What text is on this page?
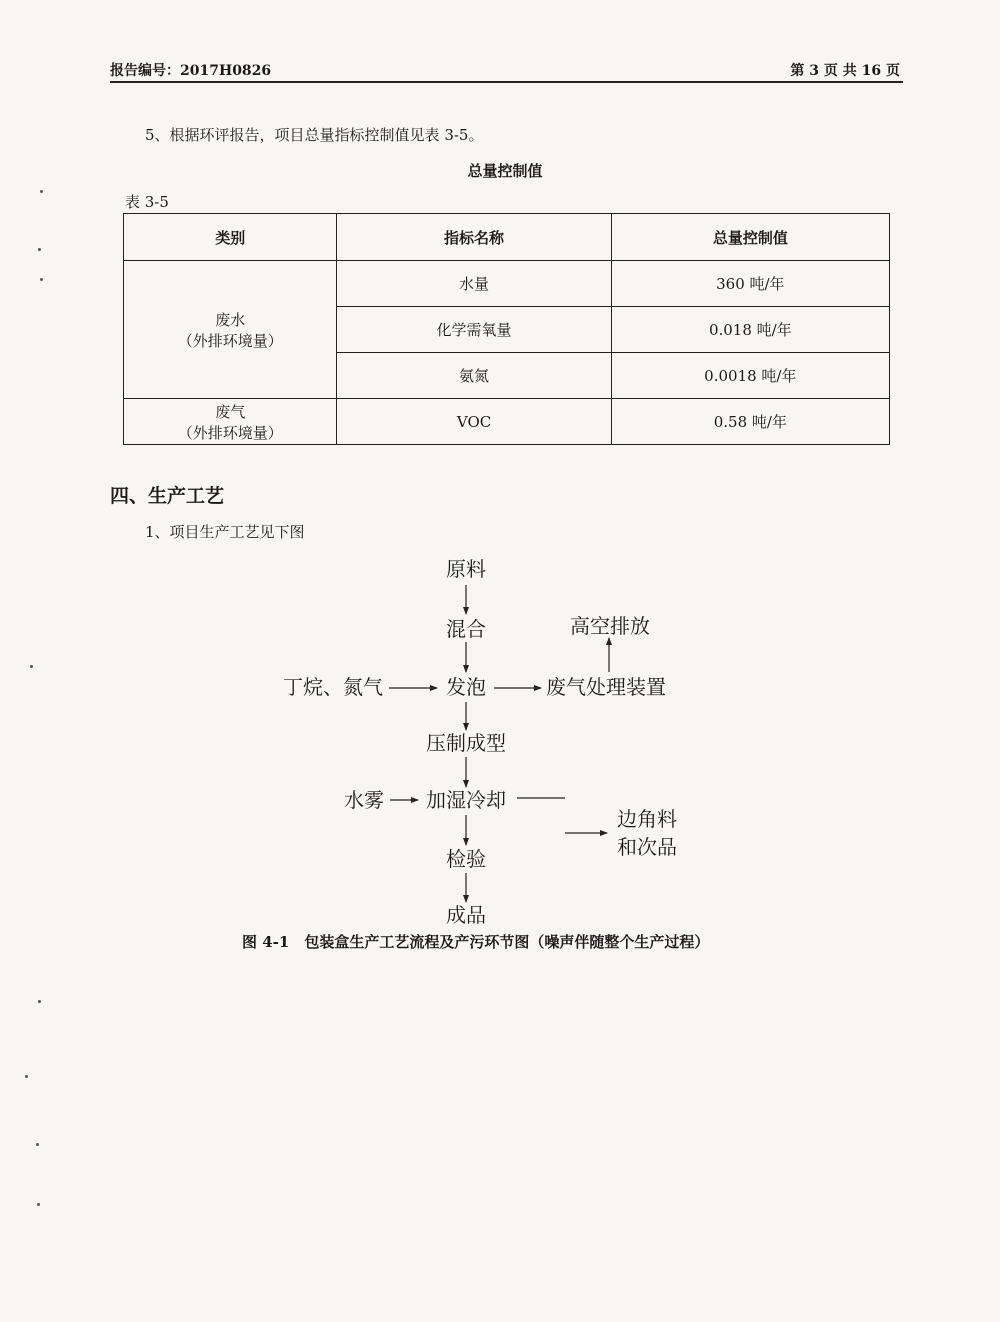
报告编号：2017H0826	第 3 页 共 16 页
5、根据环评报告，项目总量指标控制值见表 3-5。
总量控制值
表 3-5
类别	指标名称	总量控制值

废水
（外排环境量）	水量	360 吨/年
	化学需氧量	0.018 吨/年
	氨氮	0.0018 吨/年

废气
（外排环境量）	VOC	0.58 吨/年
四、生产工艺
1、项目生产工艺见下图
原料
混合	高空排放
丁烷、氮气	发泡	废气处理装置
压制成型
水雾 加湿冷却
边角料
和次品
检验
成品
图 4-1　包装盒生产工艺流程及产污环节图（噪声伴随整个生产过程）
